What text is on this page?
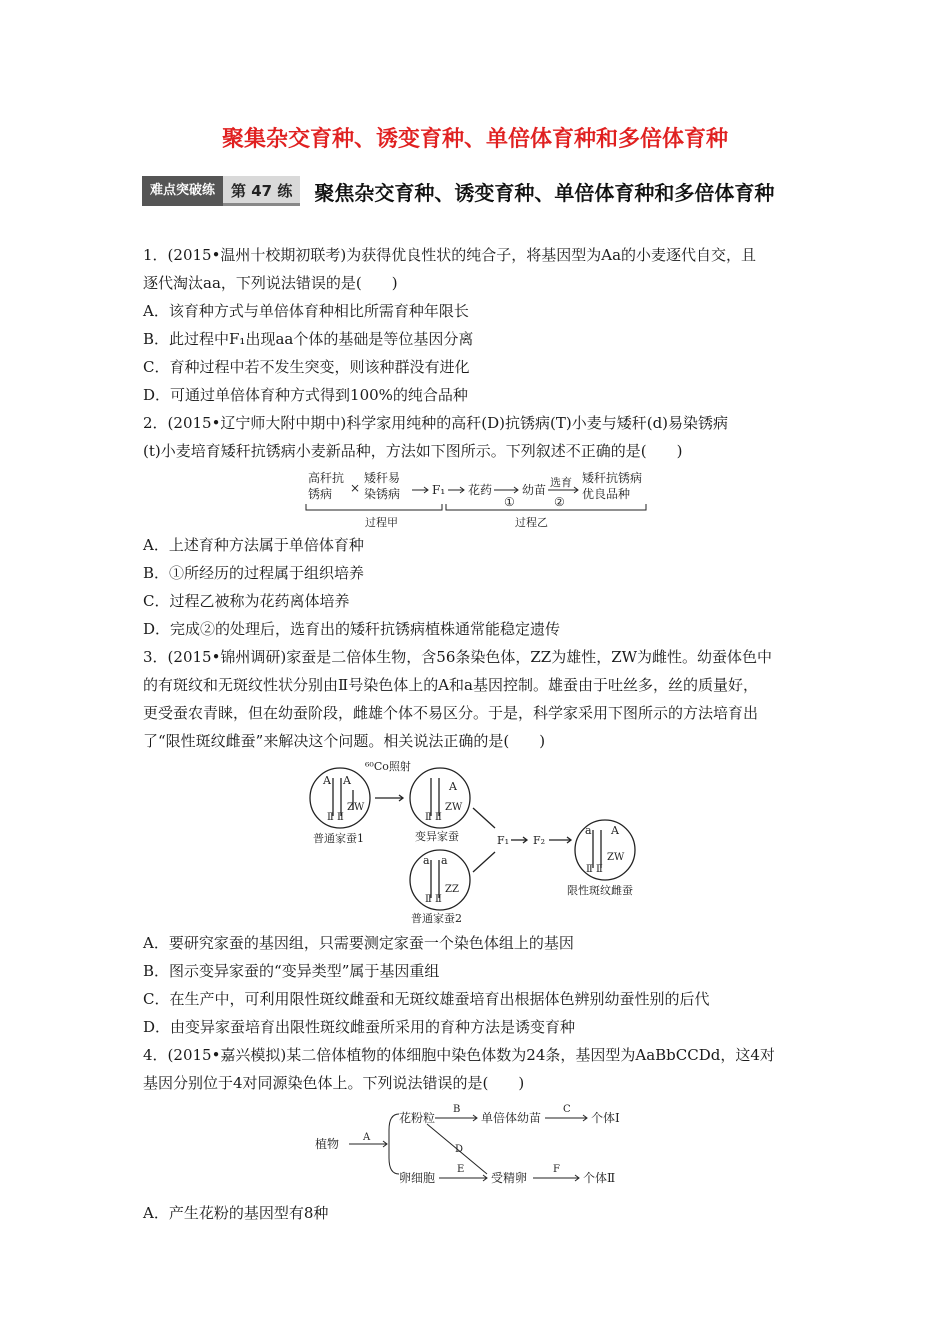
聚集杂交育种、诱变育种、单倍体育种和多倍体育种
难点突破练	第 47 练	聚焦杂交育种、诱变育种、单倍体育种和多倍体育种
1．(2015•温州十校期初联考)为获得优良性状的纯合子，将基因型为Aa的小麦逐代自交，且
逐代淘汰aa，下列说法错误的是(　　)
A．该育种方式与单倍体育种相比所需育种年限长
B．此过程中F₁出现aa个体的基础是等位基因分离
C．育种过程中若不发生突变，则该种群没有进化
D．可通过单倍体育种方式得到100%的纯合品种
2．(2015•辽宁师大附中期中)科学家用纯种的高秆(D)抗锈病(T)小麦与矮秆(d)易染锈病
(t)小麦培育矮秆抗锈病小麦新品种，方法如下图所示。下列叙述不正确的是(　　)
高秆抗
锈病 ×
矮秆易
染锈病	F₁ 花药
①
幼苗
选育
②
矮秆抗锈病
优良品种
过程甲	过程乙
A．上述育种方法属于单倍体育种
B．①所经历的过程属于组织培养
C．过程乙被称为花药离体培养
D．完成②的处理后，选育出的矮秆抗锈病植株通常能稳定遗传
3．(2015•锦州调研)家蚕是二倍体生物，含56条染色体，ZZ为雄性，ZW为雌性。幼蚕体色中
的有斑纹和无斑纹性状分别由Ⅱ号染色体上的A和a基因控制。雄蚕由于吐丝多，丝的质量好，
更受蚕农青睐，但在幼蚕阶段，雌雄个体不易区分。于是，科学家采用下图所示的方法培育出
了“限性斑纹雌蚕”来解决这个问题。相关说法正确的是(　　)
⁶⁰Co照射
A A
Ⅱ Ⅱ
ZW
A
Ⅱ Ⅱ
ZW
a a
Ⅱ Ⅱ
ZZ
a A
Ⅱ Ⅱ
ZW
F₁ F₂
普通家蚕1	变异家蚕
普通家蚕2
限性斑纹雌蚕
A．要研究家蚕的基因组，只需要测定家蚕一个染色体组上的基因
B．图示变异家蚕的“变异类型”属于基因重组
C．在生产中，可利用限性斑纹雌蚕和无斑纹雄蚕培育出根据体色辨别幼蚕性别的后代
D．由变异家蚕培育出限性斑纹雌蚕所采用的育种方法是诱变育种
4．(2015•嘉兴模拟)某二倍体植物的体细胞中染色体数为24条，基因型为AaBbCCDd，这4对
基因分别位于4对同源染色体上。下列说法错误的是(　　)
植物 A
花粉粒
B
单倍体幼苗
C
个体Ⅰ
D
卵细胞
E
受精卵
F
个体Ⅱ
A．产生花粉的基因型有8种
